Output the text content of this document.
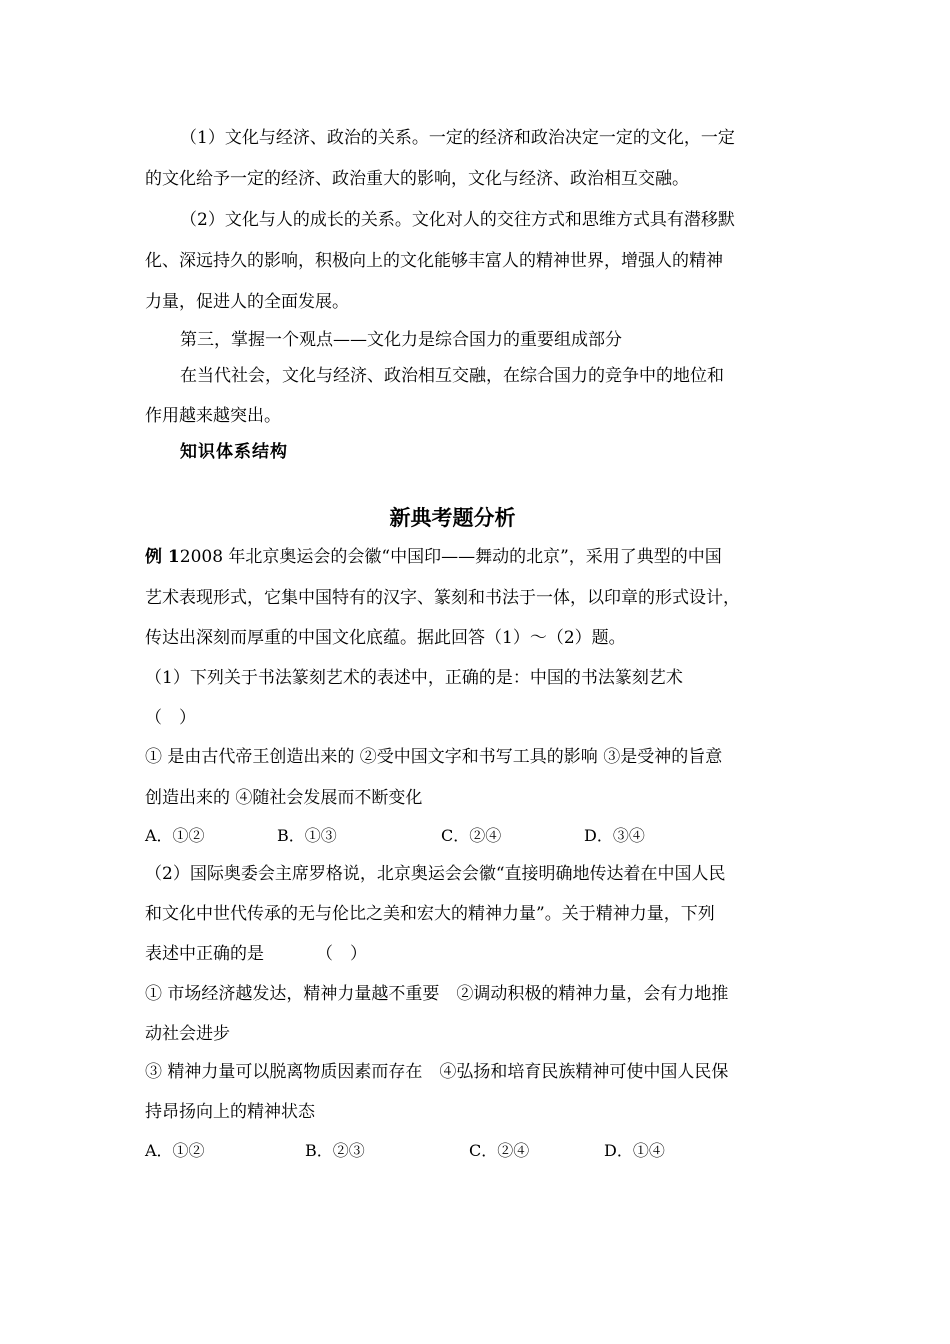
（1）文化与经济、政治的关系。一定的经济和政治决定一定的文化，一定
的文化给予一定的经济、政治重大的影响，文化与经济、政治相互交融。
（2）文化与人的成长的关系。文化对人的交往方式和思维方式具有潜移默
化、深远持久的影响，积极向上的文化能够丰富人的精神世界，增强人的精神
力量，促进人的全面发展。
第三，掌握一个观点——文化力是综合国力的重要组成部分
在当代社会，文化与经济、政治相互交融，在综合国力的竞争中的地位和
作用越来越突出。
知识体系结构
新典考题分析
例 12008 年北京奥运会的会徽“中国印——舞动的北京”，采用了典型的中国
艺术表现形式，它集中国特有的汉字、篆刻和书法于一体，以印章的形式设计，
传达出深刻而厚重的中国文化底蕴。据此回答（1）～（2）题。
（1）下列关于书法篆刻艺术的表述中，正确的是：中国的书法篆刻艺术
（　）
① 是由古代帝王创造出来的 ②受中国文字和书写工具的影响 ③是受神的旨意
创造出来的 ④随社会发展而不断变化
A．①②	B．①③	C．②④	D．③④
（2）国际奥委会主席罗格说，北京奥运会会徽“直接明确地传达着在中国人民
和文化中世代传承的无与伦比之美和宏大的精神力量”。关于精神力量，下列
表述中正确的是	（　）
① 市场经济越发达，精神力量越不重要　②调动积极的精神力量，会有力地推
动社会进步
③ 精神力量可以脱离物质因素而存在　④弘扬和培育民族精神可使中国人民保
持昂扬向上的精神状态
A．①②	B．②③	C．②④	D．①④
